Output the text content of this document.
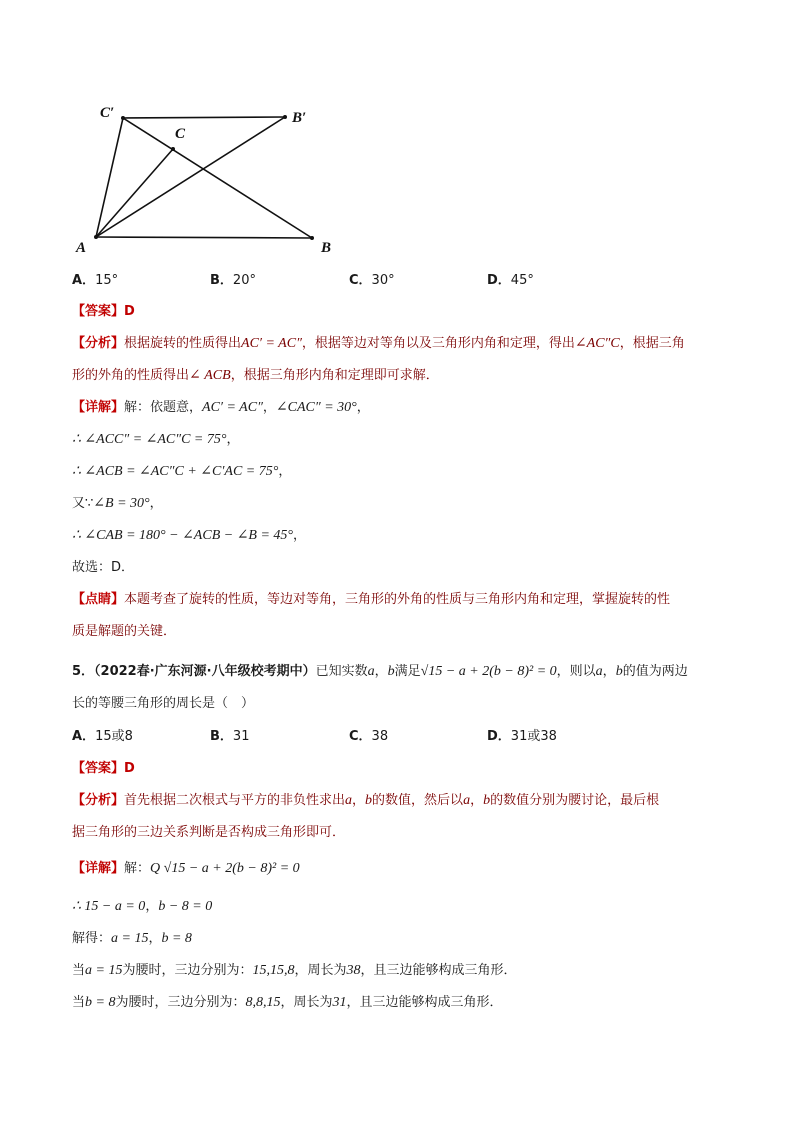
C′
C
B′
A	B
A．15°	B．20°	C．30°	D．45°
【答案】D
【分析】根据旋转的性质得出AC′ = AC″，根据等边对等角以及三角形内角和定理，得出∠AC″C，根据三角
形的外角的性质得出∠ ACB，根据三角形内角和定理即可求解．
【详解】解：依题意，AC′ = AC″，∠CAC″ = 30°，
∴ ∠ACC″ = ∠AC″C = 75°，
∴ ∠ACB = ∠AC″C + ∠C′AC = 75°，
又∵∠B = 30°，
∴ ∠CAB = 180° − ∠ACB − ∠B = 45°，
故选：D．
【点睛】本题考查了旋转的性质，等边对等角，三角形的外角的性质与三角形内角和定理，掌握旋转的性
质是解题的关键．
5．（2022春·广东河源·八年级校考期中）已知实数a，b满足√15 − a + 2(b − 8)² = 0，则以a，b的值为两边
长的等腰三角形的周长是（　）
A．15或8	B．31	C．38	D．31或38
【答案】D
【分析】首先根据二次根式与平方的非负性求出a，b的数值，然后以a，b的数值分别为腰讨论，最后根
据三角形的三边关系判断是否构成三角形即可．
【详解】解：Q √15 − a + 2(b − 8)² = 0
∴ 15 − a = 0，b − 8 = 0
解得：a = 15，b = 8
当a = 15为腰时，三边分别为：15,15,8，周长为38，且三边能够构成三角形．
当b = 8为腰时，三边分别为：8,8,15，周长为31，且三边能够构成三角形．
